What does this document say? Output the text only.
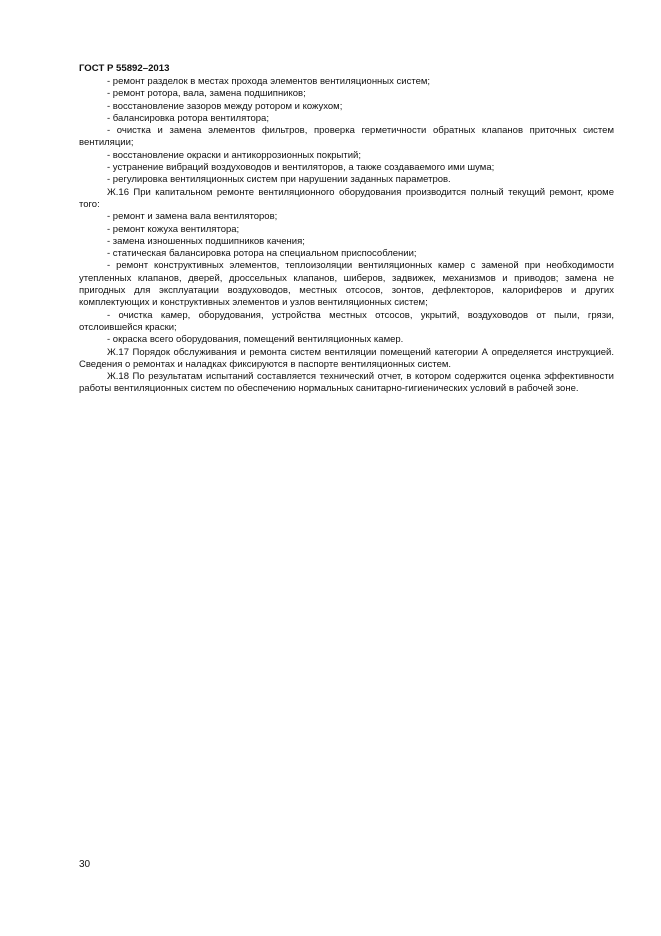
ГОСТ Р 55892–2013

- ремонт разделок в местах прохода элементов вентиляционных систем;

- ремонт ротора, вала, замена подшипников;

- восстановление зазоров между ротором и кожухом;

- балансировка ротора вентилятора;

- очистка и замена элементов фильтров, проверка герметичности обратных клапанов приточных систем вентиляции;

- восстановление окраски и антикоррозионных покрытий;

- устранение вибраций воздуховодов и вентиляторов, а также создаваемого ими шума;

- регулировка вентиляционных систем при нарушении заданных параметров.

Ж.16 При капитальном ремонте вентиляционного оборудования производится полный текущий ремонт, кроме того:

- ремонт и замена вала вентиляторов;

- ремонт кожуха вентилятора;

- замена изношенных подшипников качения;

- статическая балансировка ротора на специальном приспособлении;

- ремонт конструктивных элементов, теплоизоляции вентиляционных камер с заменой при необходимости утепленных клапанов, дверей, дроссельных клапанов, шиберов, задвижек, механизмов и приводов; замена не пригодных для эксплуатации воздуховодов, местных отсосов, зонтов, дефлекторов, калориферов и других комплектующих и конструктивных элементов и узлов вентиляционных систем;

- очистка камер, оборудования, устройства местных отсосов, укрытий, воздуховодов от пыли, грязи, отслоившейся краски;

- окраска всего оборудования, помещений вентиляционных камер.

Ж.17 Порядок обслуживания и ремонта систем вентиляции помещений категории А определяется инструкцией. Сведения о ремонтах и наладках фиксируются в паспорте вентиляционных систем.

Ж.18 По результатам испытаний составляется технический отчет, в котором содержится оценка эффективности работы вентиляционных систем по обеспечению нормальных санитарно-гигиенических условий в рабочей зоне.

30
